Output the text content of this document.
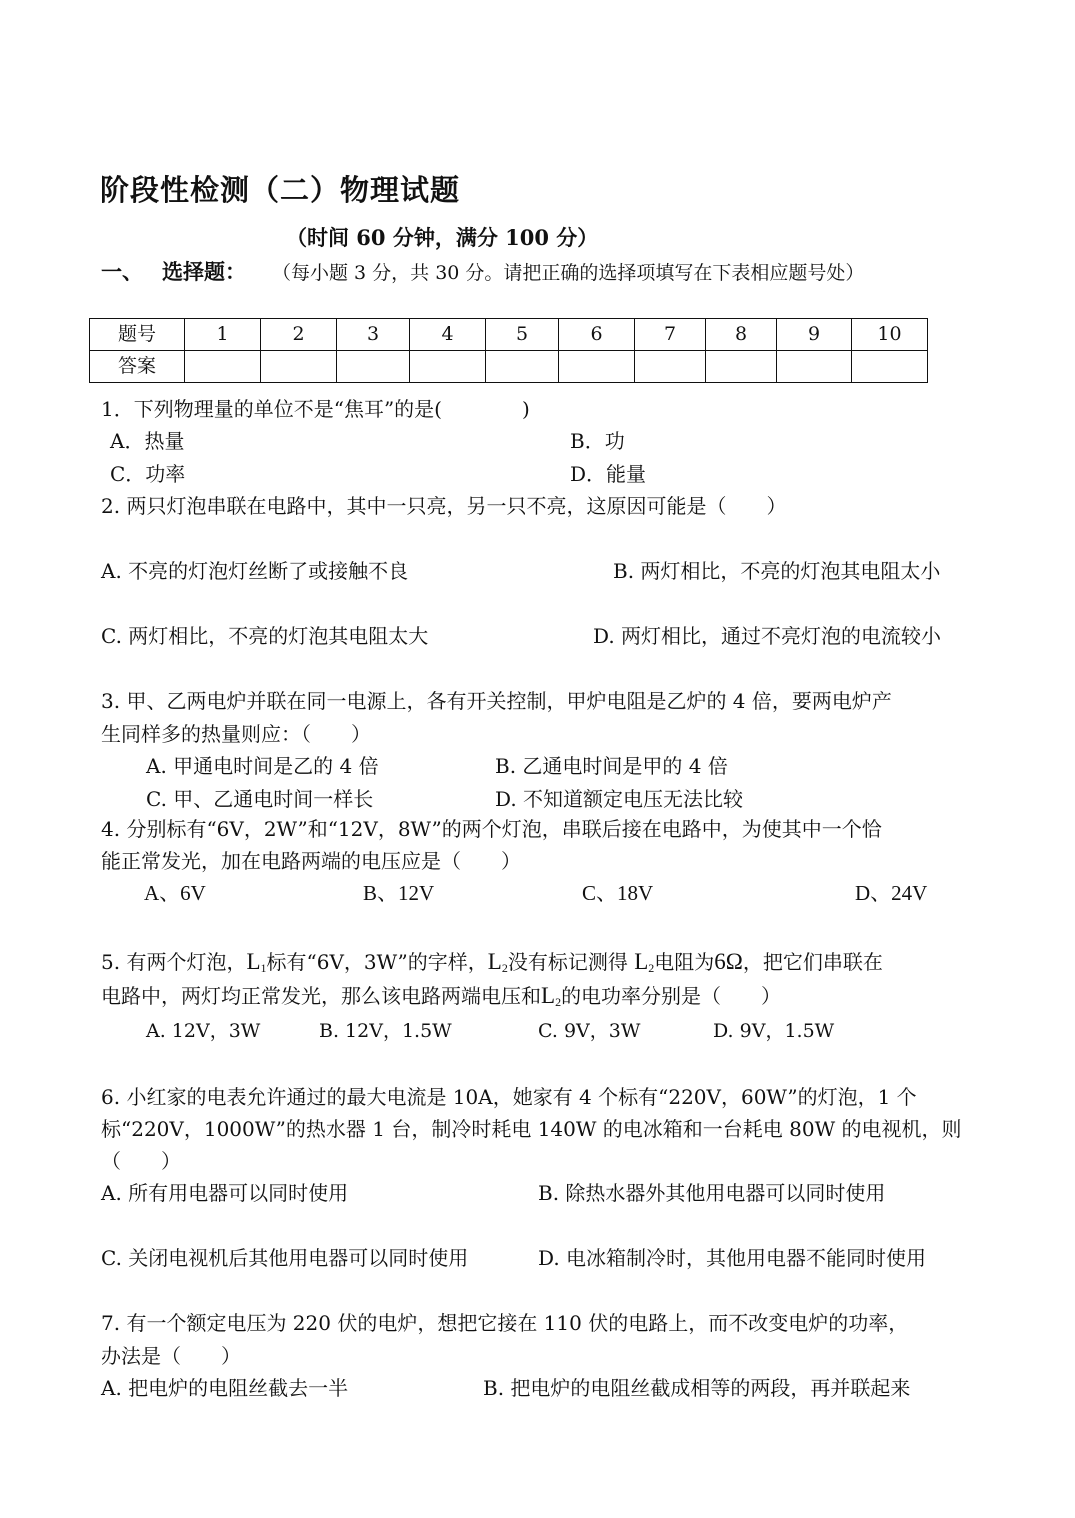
阶段性检测（二）物理试题
（时间 60 分钟，满分 100 分）
一、 选择题： （每小题 3 分，共 30 分。请把正确的选择项填写在下表相应题号处）
题号	1	2	3	4	5	6	7	8	9	10
答案										
1．下列物理量的单位不是“焦耳”的是(　　　　)
A．热量	B．功
C．功率	D．能量
2. 两只灯泡串联在电路中，其中一只亮，另一只不亮，这原因可能是（　　）
A. 不亮的灯泡灯丝断了或接触不良	B. 两灯相比，不亮的灯泡其电阻太小
C. 两灯相比，不亮的灯泡其电阻太大	D. 两灯相比，通过不亮灯泡的电流较小
3. 甲、乙两电炉并联在同一电源上，各有开关控制，甲炉电阻是乙炉的 4 倍，要两电炉产
生同样多的热量则应：（　　）
A. 甲通电时间是乙的 4 倍	B. 乙通电时间是甲的 4 倍
C. 甲、乙通电时间一样长	D. 不知道额定电压无法比较
4. 分别标有“6V，2W”和“12V，8W”的两个灯泡，串联后接在电路中，为使其中一个恰
能正常发光，加在电路两端的电压应是（　　）
A、6V	B、12V	C、18V	D、24V
5. 有两个灯泡，$L_1$标有“6V，3W”的字样，$L_2$没有标记测得 $L_2$电阻为6Ω，把它们串联在
电路中，两灯均正常发光，那么该电路两端电压和$L_2$的电功率分别是（　　）
A. 12V，3W	B. 12V，1.5W	C. 9V，3W	D. 9V，1.5W
6. 小红家的电表允许通过的最大电流是 10A，她家有 4 个标有“220V，60W”的灯泡，1 个
标“220V，1000W”的热水器 1 台，制冷时耗电 140W 的电冰箱和一台耗电 80W 的电视机，则
（　　）
A. 所有用电器可以同时使用	B. 除热水器外其他用电器可以同时使用
C. 关闭电视机后其他用电器可以同时使用	D. 电冰箱制冷时，其他用电器不能同时使用
7. 有一个额定电压为 220 伏的电炉，想把它接在 110 伏的电路上，而不改变电炉的功率，
办法是（　　）
A. 把电炉的电阻丝截去一半	B. 把电炉的电阻丝截成相等的两段，再并联起来
